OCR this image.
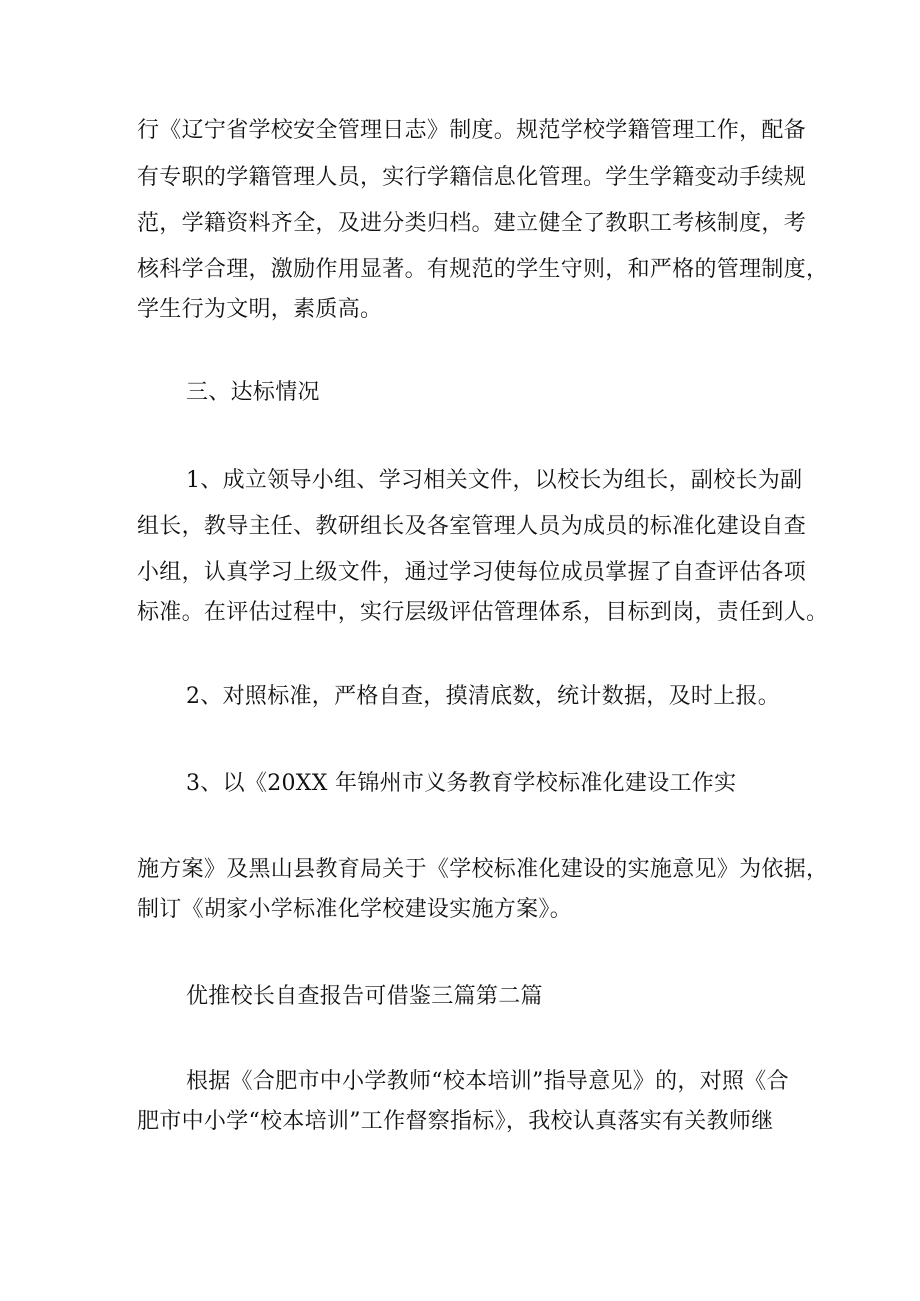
行《辽宁省学校安全管理日志》制度。规范学校学籍管理工作，配备
有专职的学籍管理人员，实行学籍信息化管理。学生学籍变动手续规
范，学籍资料齐全，及进分类归档。建立健全了教职工考核制度，考
核科学合理，激励作用显著。有规范的学生守则，和严格的管理制度，
学生行为文明，素质高。
三、达标情况
1、成立领导小组、学习相关文件，以校长为组长，副校长为副
组长，教导主任、教研组长及各室管理人员为成员的标准化建设自查
小组，认真学习上级文件，通过学习使每位成员掌握了自查评估各项
标准。在评估过程中，实行层级评估管理体系，目标到岗，责任到人。
2、对照标准，严格自查，摸清底数，统计数据，及时上报。
3、以《20XX 年锦州市义务教育学校标准化建设工作实
施方案》及黑山县教育局关于《学校标准化建设的实施意见》为依据，
制订《胡家小学标准化学校建设实施方案》。
优推校长自查报告可借鉴三篇第二篇
根据《合肥市中小学教师“校本培训”指导意见》的，对照《合
肥市中小学“校本培训”工作督察指标》，我校认真落实有关教师继
